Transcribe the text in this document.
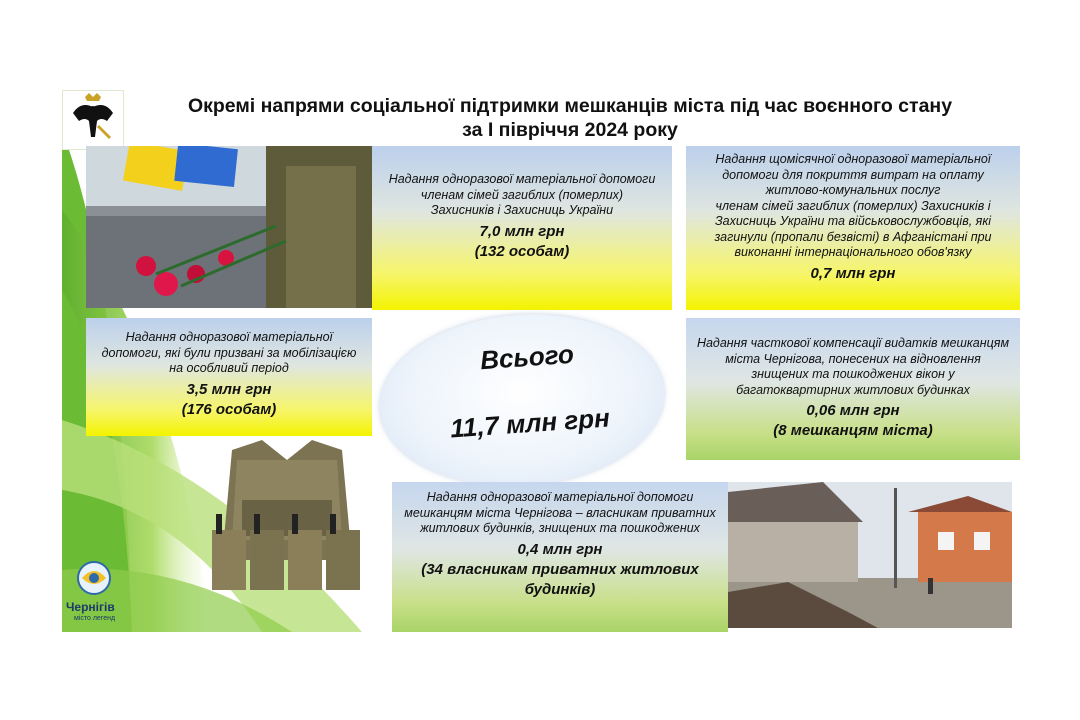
Окремі напрями соціальної підтримки мешканців міста під час воєнного стану
за I півріччя 2024 року
Надання одноразової матеріальної допомоги
членам сімей загиблих (померлих)
Захисників і Захисниць України
7,0 млн грн
(132 особам)
Надання щомісячної одноразової матеріальної допомоги для покриття витрат на оплату житлово-комунальних послуг
членам сімей загиблих (померлих) Захисників і Захисниць України та військовослужбовців, які загинули (пропали безвісті) в Афганістані при виконанні інтернаціонального обов'язку
0,7 млн грн
Надання одноразової матеріальної допомоги, які були призвані за мобілізацією на особливий період
3,5 млн грн
(176 особам)
Надання часткової компенсації видатків мешканцям міста Чернігова, понесених на відновлення знищених та пошкоджених вікон у багатоквартирних житлових будинках
0,06 млн грн
(8 мешканцям міста)
Всього
11,7 млн грн
Надання одноразової матеріальної допомоги мешканцям міста Чернігова – власникам приватних житлових будинків, знищених та пошкоджених
0,4 млн грн
(34 власникам приватних житлових будинків)
Чернігів
місто легенд
